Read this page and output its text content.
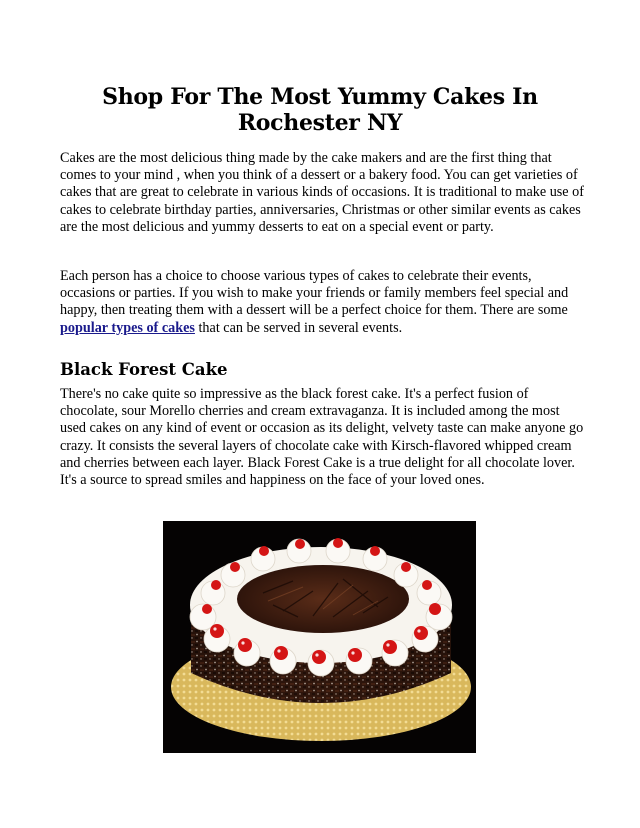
Shop For The Most Yummy Cakes In Rochester NY

Cakes are the most delicious thing made by the cake makers and are the first thing that comes to your mind , when you think of a dessert or a bakery food. You can get varieties of cakes that are great to celebrate in various kinds of occasions. It is traditional to make use of cakes to celebrate birthday parties, anniversaries, Christmas or other similar events as cakes are the most delicious and yummy desserts to eat on a special event or party.

Each person has a choice to choose various types of cakes to celebrate their events, occasions or parties. If you wish to make your friends or family members feel special and happy, then treating them with a dessert will be a perfect choice for them. There are some popular types of cakes that can be served in several events.

Black Forest Cake

There's no cake quite so impressive as the black forest cake. It's a perfect fusion of chocolate, sour Morello cherries and cream extravaganza. It is included among the most used cakes on any kind of event or occasion as its delight, velvety taste can make anyone go crazy. It consists the several layers of chocolate cake with Kirsch-flavored whipped cream and cherries between each layer. Black Forest Cake is a true delight for all chocolate lover. It's a source to spread smiles and happiness on the face of your loved ones.
